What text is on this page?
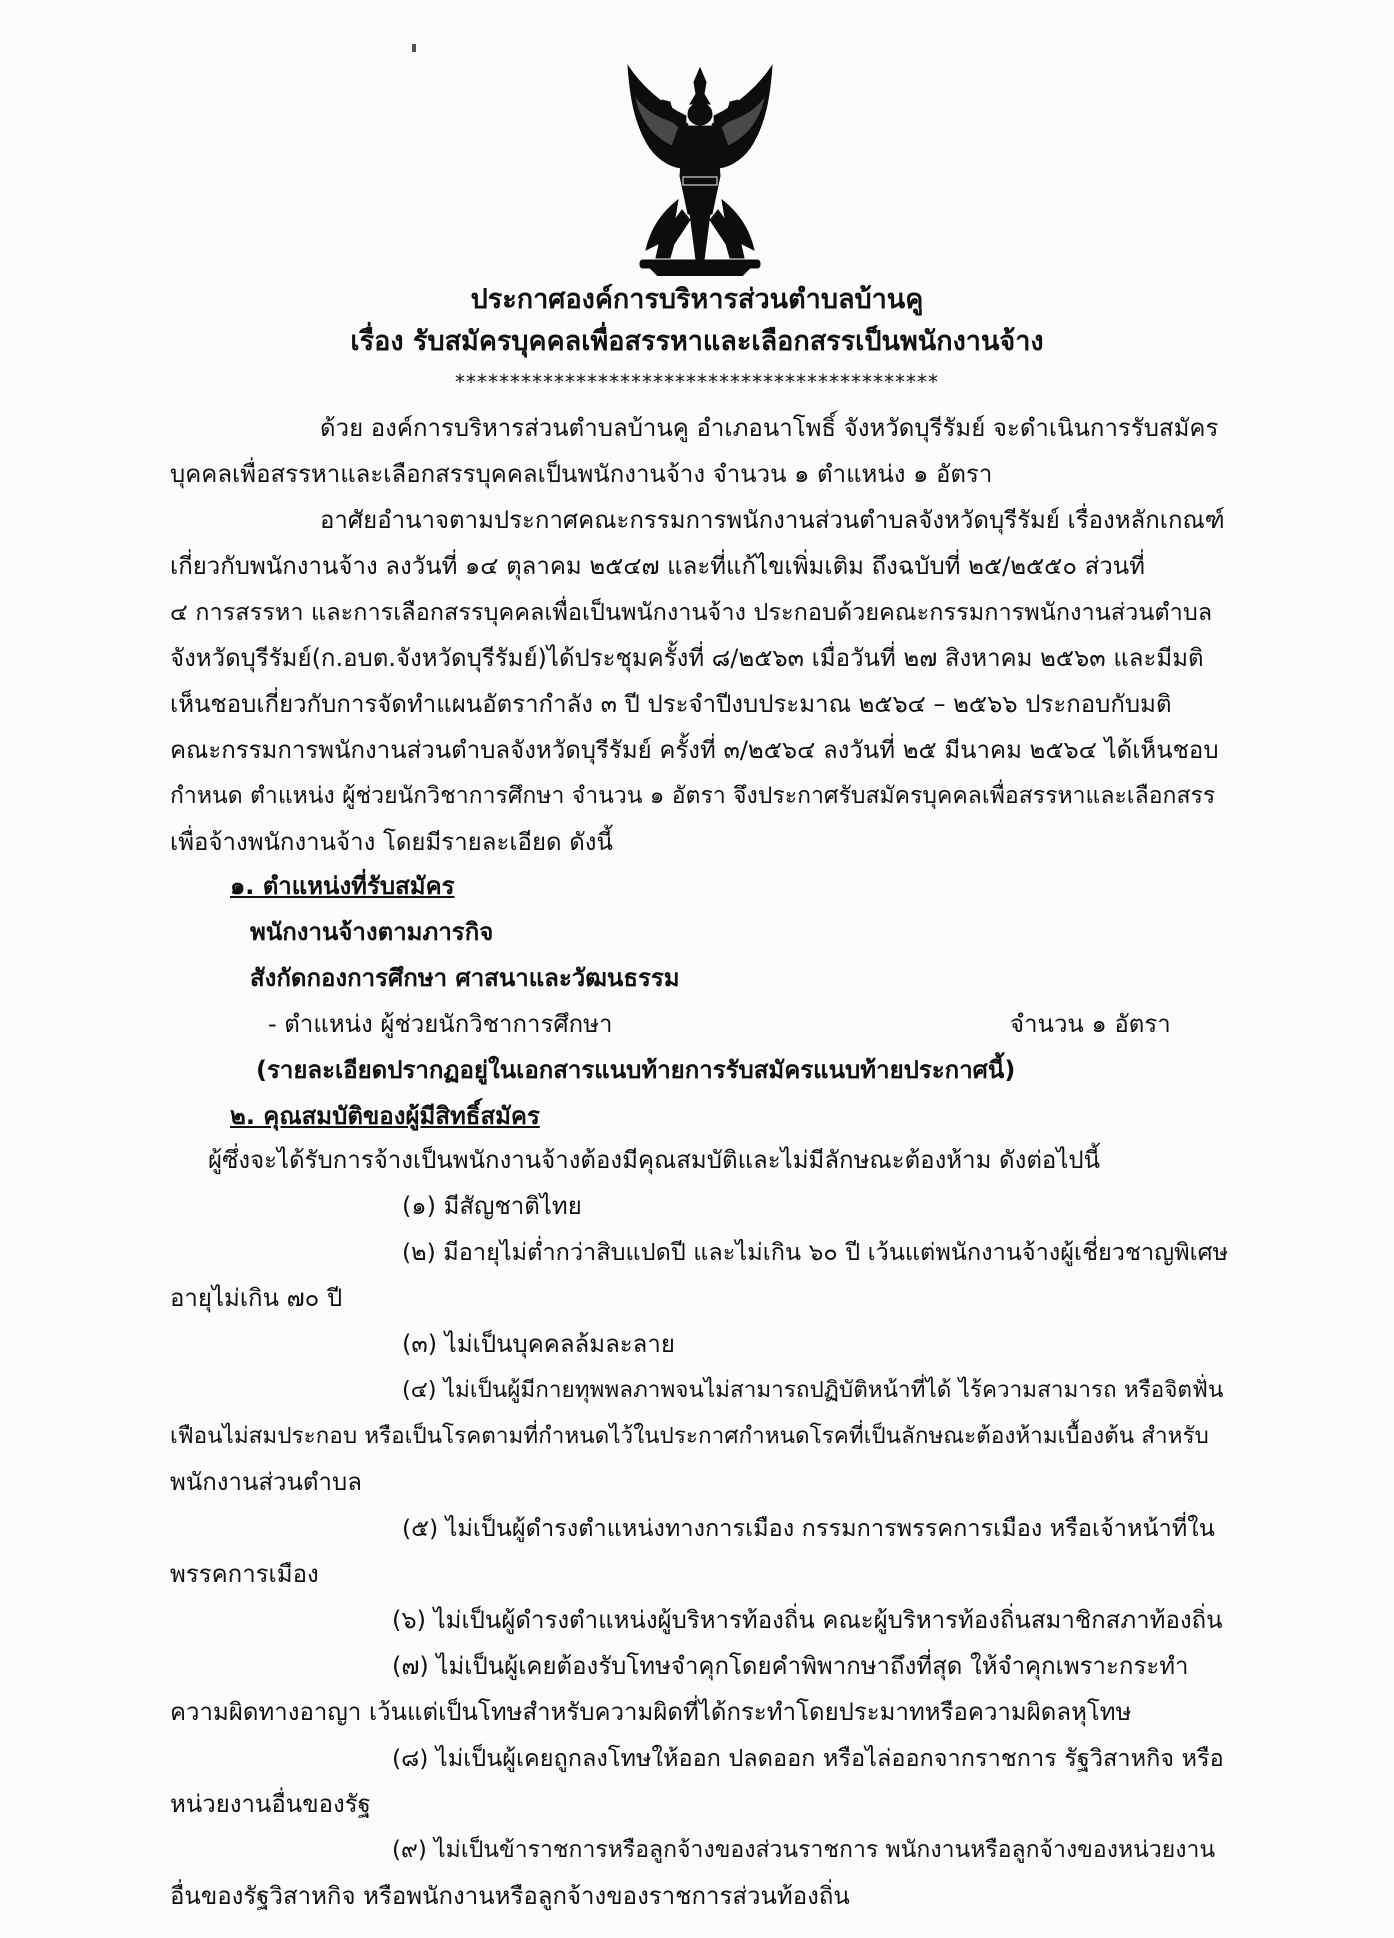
ประกาศองค์การบริหารส่วนตำบลบ้านคู
เรื่อง รับสมัครบุคคลเพื่อสรรหาและเลือกสรรเป็นพนักงานจ้าง
********************************************
ด้วย องค์การบริหารส่วนตำบลบ้านคู อำเภอนาโพธิ์ จังหวัดบุรีรัมย์ จะดำเนินการรับสมัคร
บุคคลเพื่อสรรหาและเลือกสรรบุคคลเป็นพนักงานจ้าง จำนวน ๑ ตำแหน่ง ๑ อัตรา
อาศัยอำนาจตามประกาศคณะกรรมการพนักงานส่วนตำบลจังหวัดบุรีรัมย์ เรื่องหลักเกณฑ์
เกี่ยวกับพนักงานจ้าง ลงวันที่ ๑๔ ตุลาคม ๒๕๔๗ และที่แก้ไขเพิ่มเติม ถึงฉบับที่ ๒๕/๒๕๕๐ ส่วนที่
๔ การสรรหา และการเลือกสรรบุคคลเพื่อเป็นพนักงานจ้าง ประกอบด้วยคณะกรรมการพนักงานส่วนตำบล
จังหวัดบุรีรัมย์(ก.อบต.จังหวัดบุรีรัมย์)ได้ประชุมครั้งที่ ๘/๒๕๖๓ เมื่อวันที่ ๒๗ สิงหาคม ๒๕๖๓ และมีมติ
เห็นชอบเกี่ยวกับการจัดทำแผนอัตรากำลัง ๓ ปี ประจำปีงบประมาณ ๒๕๖๔ – ๒๕๖๖ ประกอบกับมติ
คณะกรรมการพนักงานส่วนตำบลจังหวัดบุรีรัมย์ ครั้งที่ ๓/๒๕๖๔ ลงวันที่ ๒๕ มีนาคม ๒๕๖๔ ได้เห็นชอบ
กำหนด ตำแหน่ง ผู้ช่วยนักวิชาการศึกษา จำนวน ๑ อัตรา จึงประกาศรับสมัครบุคคลเพื่อสรรหาและเลือกสรร
เพื่อจ้างพนักงานจ้าง โดยมีรายละเอียด ดังนี้
๑. ตำแหน่งที่รับสมัคร
พนักงานจ้างตามภารกิจ
สังกัดกองการศึกษา ศาสนาและวัฒนธรรม
- ตำแหน่ง ผู้ช่วยนักวิชาการศึกษา	จำนวน ๑ อัตรา
(รายละเอียดปรากฏอยู่ในเอกสารแนบท้ายการรับสมัครแนบท้ายประกาศนี้)
๒. คุณสมบัติของผู้มีสิทธิ์สมัคร
ผู้ซึ่งจะได้รับการจ้างเป็นพนักงานจ้างต้องมีคุณสมบัติและไม่มีลักษณะต้องห้าม ดังต่อไปนี้
(๑) มีสัญชาติไทย
(๒) มีอายุไม่ต่ำกว่าสิบแปดปี และไม่เกิน ๖๐ ปี เว้นแต่พนักงานจ้างผู้เชี่ยวชาญพิเศษ
อายุไม่เกิน ๗๐ ปี
(๓) ไม่เป็นบุคคลล้มละลาย
(๔) ไม่เป็นผู้มีกายทุพพลภาพจนไม่สามารถปฏิบัติหน้าที่ได้ ไร้ความสามารถ หรือจิตฟั่น
เฟือนไม่สมประกอบ หรือเป็นโรคตามที่กำหนดไว้ในประกาศกำหนดโรคที่เป็นลักษณะต้องห้ามเบื้องต้น สำหรับ
พนักงานส่วนตำบล
(๕) ไม่เป็นผู้ดำรงตำแหน่งทางการเมือง กรรมการพรรคการเมือง หรือเจ้าหน้าที่ใน
พรรคการเมือง
(๖) ไม่เป็นผู้ดำรงตำแหน่งผู้บริหารท้องถิ่น คณะผู้บริหารท้องถิ่นสมาชิกสภาท้องถิ่น
(๗) ไม่เป็นผู้เคยต้องรับโทษจำคุกโดยคำพิพากษาถึงที่สุด ให้จำคุกเพราะกระทำ
ความผิดทางอาญา เว้นแต่เป็นโทษสำหรับความผิดที่ได้กระทำโดยประมาทหรือความผิดลหุโทษ
(๘) ไม่เป็นผู้เคยถูกลงโทษให้ออก ปลดออก หรือไล่ออกจากราชการ รัฐวิสาหกิจ หรือ
หน่วยงานอื่นของรัฐ
(๙) ไม่เป็นข้าราชการหรือลูกจ้างของส่วนราชการ พนักงานหรือลูกจ้างของหน่วยงาน
อื่นของรัฐวิสาหกิจ หรือพนักงานหรือลูกจ้างของราชการส่วนท้องถิ่น
